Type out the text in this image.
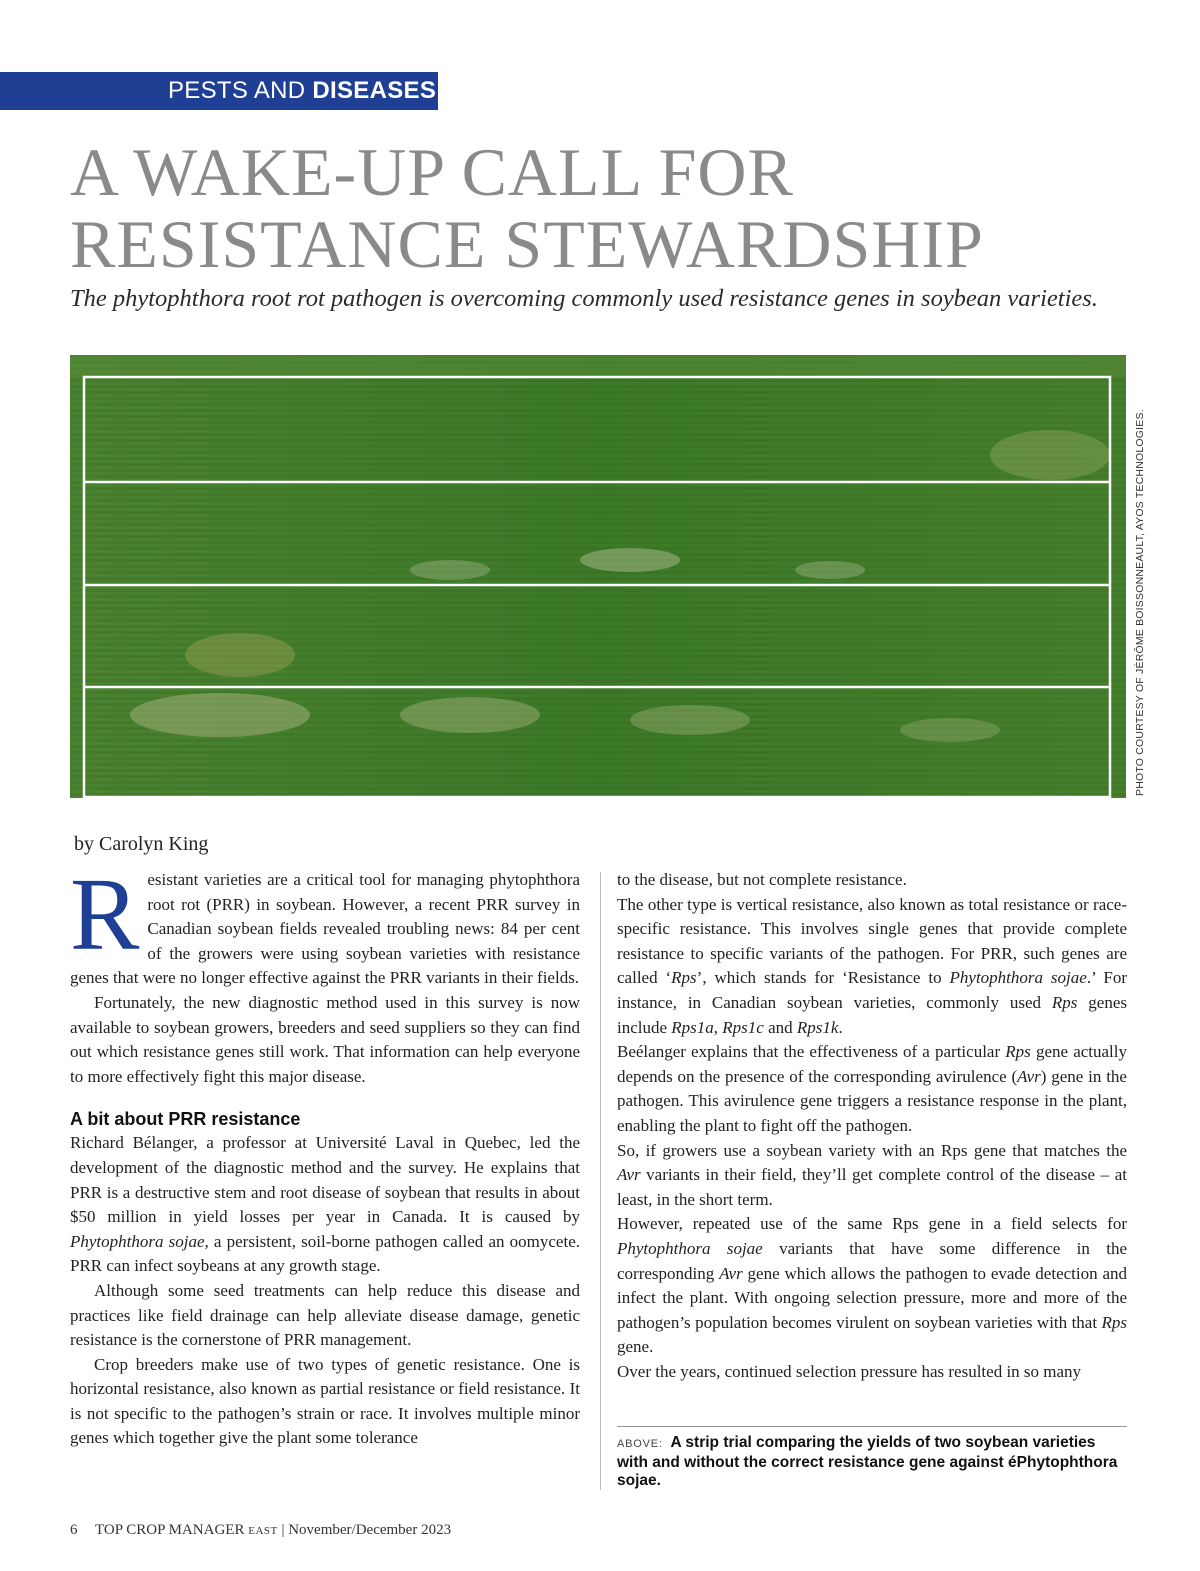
PESTS AND DISEASES
A WAKE-UP CALL FOR
RESISTANCE STEWARDSHIP
The phytophthora root rot pathogen is overcoming commonly used resistance genes in soybean varieties.
PHOTO COURTESY OF JÉRÔME BOISSONNEAULT, AYOS TECHNOLOGIES.
by Carolyn King

Resistant varieties are a critical tool for managing phytophthora root rot (PRR) in soybean. However, a recent PRR survey in Canadian soybean fields revealed troubling news: 84 per cent of the growers were using soybean varieties with resistance genes that were no longer effective against the PRR variants in their fields.

Fortunately, the new diagnostic method used in this survey is now available to soybean growers, breeders and seed suppliers so they can find out which resistance genes still work. That information can help everyone to more effectively fight this major disease.

A bit about PRR resistance

Richard Bélanger, a professor at Université Laval in Quebec, led the development of the diagnostic method and the survey. He explains that PRR is a destructive stem and root disease of soybean that results in about $50 million in yield losses per year in Canada. It is caused by Phytophthora sojae, a persistent, soil-borne pathogen called an oomycete. PRR can infect soybeans at any growth stage.

Although some seed treatments can help reduce this disease and practices like field drainage can help alleviate disease damage, genetic resistance is the cornerstone of PRR management.

Crop breeders make use of two types of genetic resistance. One is horizontal resistance, also known as partial resistance or field resistance. It is not specific to the pathogen’s strain or race. It involves multiple minor genes which together give the plant some tolerance

to the disease, but not complete resistance.

The other type is vertical resistance, also known as total resistance or race-specific resistance. This involves single genes that provide complete resistance to specific variants of the pathogen. For PRR, such genes are called ‘Rps’, which stands for ‘Resistance to Phytophthora sojae.’ For instance, in Canadian soybean varieties, commonly used Rps genes include Rps1a, Rps1c and Rps1k.

Beélanger explains that the effectiveness of a particular Rps gene actually depends on the presence of the corresponding avirulence (Avr) gene in the pathogen. This avirulence gene triggers a resistance response in the plant, enabling the plant to fight off the pathogen.

So, if growers use a soybean variety with an Rps gene that matches the Avr variants in their field, they’ll get complete control of the disease – at least, in the short term.

However, repeated use of the same Rps gene in a field selects for Phytophthora sojae variants that have some difference in the corresponding Avr gene which allows the pathogen to evade detection and infect the plant. With ongoing selection pressure, more and more of the pathogen’s population becomes virulent on soybean varieties with that Rps gene.

Over the years, continued selection pressure has resulted in so many

ABOVE: A strip trial comparing the yields of two soybean varieties with and without the correct resistance gene against éPhytophthora sojae.
6 TOP CROP MANAGER EAST | November/December 2023
